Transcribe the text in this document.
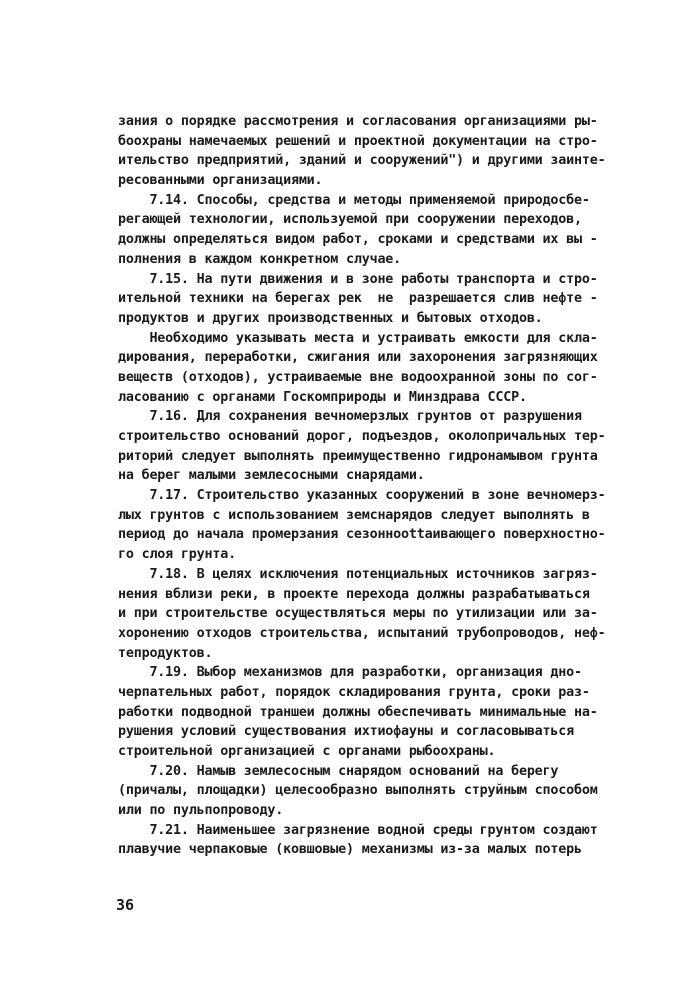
зания о порядке рассмотрения и согласования организациями ры-
боохраны намечаемых решений и проектной документации на стро-
ительство предприятий, зданий и сооружений") и другими заинте-
ресованными организациями.
7.14. Способы, средства и методы применяемой природосбе-
регающей технологии, используемой при сооружении переходов,
должны определяться видом работ, сроками и средствами их вы -
полнения в каждом конкретном случае.
7.15. На пути движения и в зоне работы транспорта и стро-
ительной техники на берегах рек  не  разрешается слив нефте -
продуктов и других производственных и бытовых отходов.
Необходимо указывать места и устраивать емкости для скла-
дирования, переработки, сжигания или захоронения загрязняющих
веществ (отходов), устраиваемые вне водоохранной зоны по сог-
ласованию с органами Госкомприроды и Минздрава СССР.
7.16. Для сохранения вечномерзлых грунтов от разрушения
строительство оснований дорог, подъездов, околопричальных тер-
риторий следует выполнять преимущественно гидронамывом грунта
на берег малыми землесосными снарядами.
7.17. Строительство указанных сооружений в зоне вечномерз-
лых грунтов с использованием земснарядов следует выполнять в
период до начала промерзания сезонноottаивающего поверхностно-
го слоя грунта.
7.18. В целях исключения потенциальных источников загряз-
нения вблизи реки, в проекте перехода должны разрабатываться
и при строительстве осуществляться меры по утилизации или за-
хоронению отходов строительства, испытаний трубопроводов, неф-
тепродуктов.
7.19. Выбор механизмов для разработки, организация дно-
черпательных работ, порядок складирования грунта, сроки раз-
работки подводной траншеи должны обеспечивать минимальные на-
рушения условий существования ихтиофауны и согласовываться
строительной организацией с органами рыбоохраны.
7.20. Намыв землесосным снарядом оснований на берегу
(причалы, площадки) целесообразно выполнять струйным способом
или по пульпопроводу.
7.21. Наименьшее загрязнение водной среды грунтом создают
плавучие черпаковые (ковшовые) механизмы из-за малых потерь
36
